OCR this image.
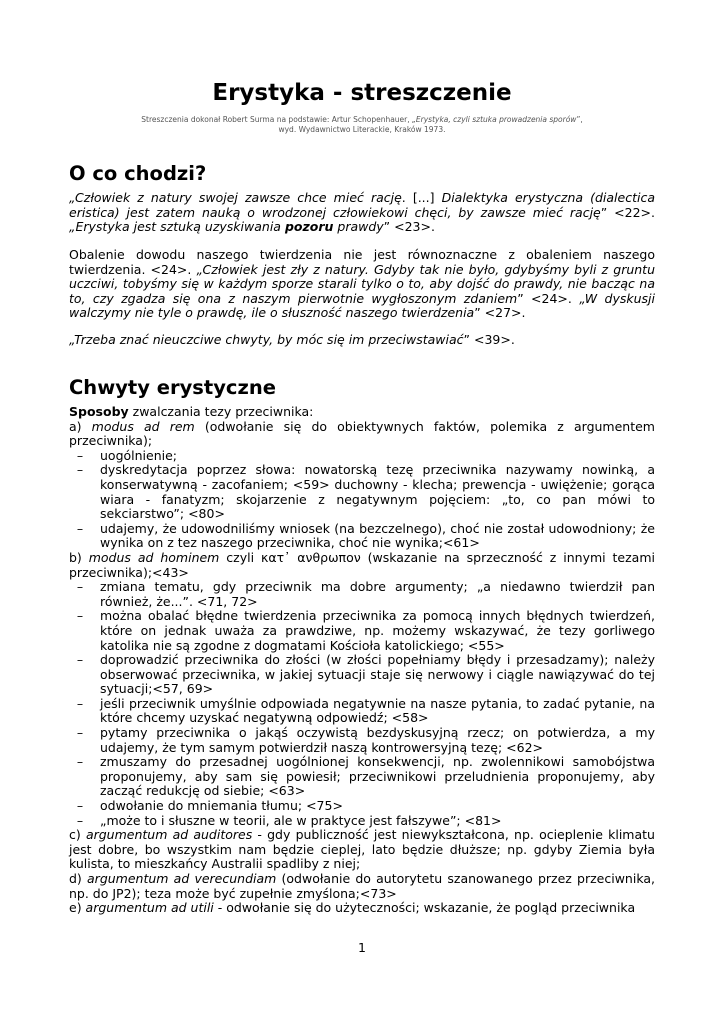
Erystyka - streszczenie
Streszczenia dokonał Robert Surma na podstawie: Artur Schopenhauer, „Erystyka, czyli sztuka prowadzenia sporów”,
wyd. Wydawnictwo Literackie, Kraków 1973.
O co chodzi?

„Człowiek z natury swojej zawsze chce mieć rację. [...] Dialektyka erystyczna (dialectica eristica) jest zatem nauką o wrodzonej człowiekowi chęci, by zawsze mieć rację” <22>. „Erystyka jest sztuką uzyskiwania pozoru prawdy” <23>.

Obalenie dowodu naszego twierdzenia nie jest równoznaczne z obaleniem naszego twierdzenia. <24>. „Człowiek jest zły z natury. Gdyby tak nie było, gdybyśmy byli z gruntu uczciwi, tobyśmy się w każdym sporze starali tylko o to, aby dojść do prawdy, nie bacząc na to, czy zgadza się ona z naszym pierwotnie wygłoszonym zdaniem” <24>. „W dyskusji walczymy nie tyle o prawdę, ile o słuszność naszego twierdzenia” <27>.

„Trzeba znać nieuczciwe chwyty, by móc się im przeciwstawiać” <39>.

Chwyty erystyczne

Sposoby zwalczania tezy przeciwnika:

a) modus ad rem (odwołanie się do obiektywnych faktów, polemika z argumentem przeciwnika);

– uogólnienie;
– dyskredytacja poprzez słowa: nowatorską tezę przeciwnika nazywamy nowinką, a konserwatywną - zacofaniem; <59> duchowny - klecha; prewencja - uwiężenie; gorąca wiara - fanatyzm; skojarzenie z negatywnym pojęciem: „to, co pan mówi to sekciarstwo”; <80>
– udajemy, że udowodniliśmy wniosek (na bezczelnego), choć nie został udowodniony; że wynika on z tez naszego przeciwnika, choć nie wynika;<61>

b) modus ad hominem czyli κατ᾽ ανθρωπον (wskazanie na sprzeczność z innymi tezami przeciwnika);<43>

– zmiana tematu, gdy przeciwnik ma dobre argumenty; „a niedawno twierdził pan również, że...”. <71, 72>
– można obalać błędne twierdzenia przeciwnika za pomocą innych błędnych twierdzeń, które on jednak uważa za prawdziwe, np. możemy wskazywać, że tezy gorliwego katolika nie są zgodne z dogmatami Kościoła katolickiego; <55>
– doprowadzić przeciwnika do złości (w złości popełniamy błędy i przesadzamy); należy obserwować przeciwnika, w jakiej sytuacji staje się nerwowy i ciągle nawiązywać do tej sytuacji;<57, 69>
– jeśli przeciwnik umyślnie odpowiada negatywnie na nasze pytania, to zadać pytanie, na które chcemy uzyskać negatywną odpowiedź; <58>
– pytamy przeciwnika o jakąś oczywistą bezdyskusyjną rzecz; on potwierdza, a my udajemy, że tym samym potwierdził naszą kontrowersyjną tezę; <62>
– zmuszamy do przesadnej uogólnionej konsekwencji, np. zwolennikowi samobójstwa proponujemy, aby sam się powiesił; przeciwnikowi przeludnienia proponujemy, aby zacząć redukcję od siebie; <63>
– odwołanie do mniemania tłumu; <75>
– „może to i słuszne w teorii, ale w praktyce jest fałszywe”; <81>

c) argumentum ad auditores - gdy publiczność jest niewykształcona, np. ocieplenie klimatu jest dobre, bo wszystkim nam będzie cieplej, lato będzie dłuższe; np. gdyby Ziemia była kulista, to mieszkańcy Australii spadliby z niej;

d) argumentum ad verecundiam (odwołanie do autorytetu szanowanego przez przeciwnika, np. do JP2); teza może być zupełnie zmyślona;<73>

e) argumentum ad utili - odwołanie się do użyteczności; wskazanie, że pogląd przeciwnika

1
